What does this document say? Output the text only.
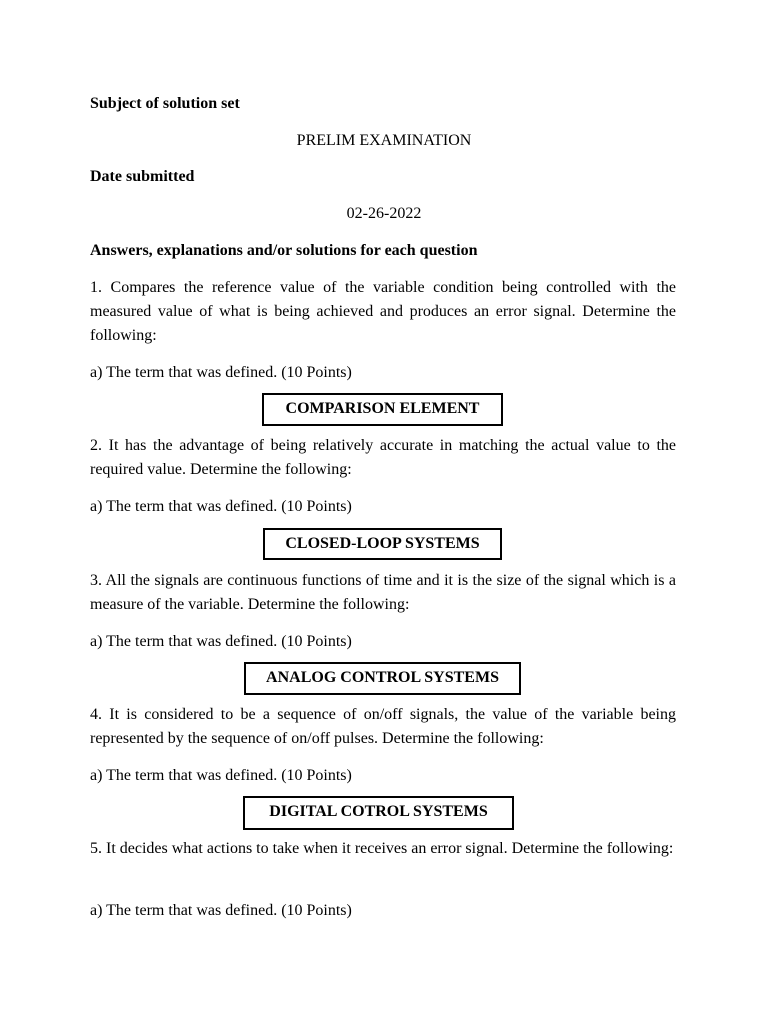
Subject of solution set
PRELIM EXAMINATION
Date submitted
02-26-2022
Answers, explanations and/or solutions for each question
1. Compares the reference value of the variable condition being controlled with the measured value of what is being achieved and produces an error signal. Determine the following:
a) The term that was defined. (10 Points)
COMPARISON ELEMENT
2. It has the advantage of being relatively accurate in matching the actual value to the required value. Determine the following:
a) The term that was defined. (10 Points)
CLOSED-LOOP SYSTEMS
3. All the signals are continuous functions of time and it is the size of the signal which is a measure of the variable. Determine the following:
a) The term that was defined. (10 Points)
ANALOG CONTROL SYSTEMS
4. It is considered to be a sequence of on/off signals, the value of the variable being represented by the sequence of on/off pulses. Determine the following:
a) The term that was defined. (10 Points)
DIGITAL COTROL SYSTEMS
5. It decides what actions to take when it receives an error signal. Determine the following:
a) The term that was defined. (10 Points)
